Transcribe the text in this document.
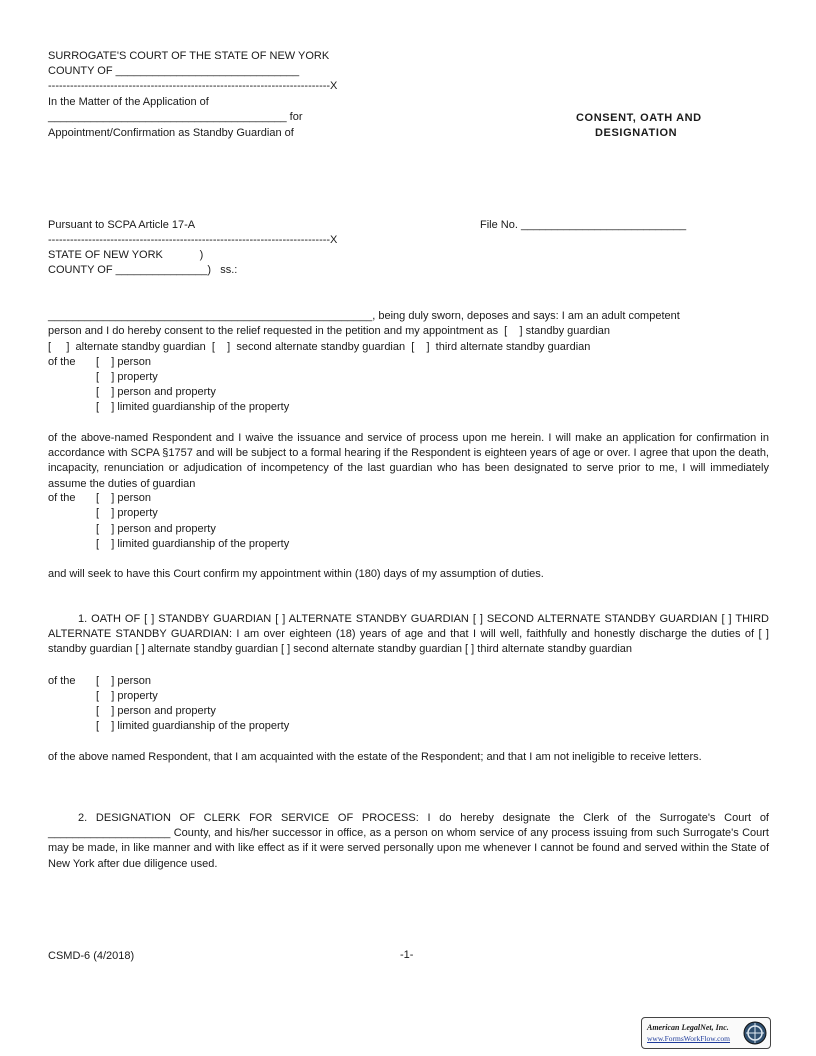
SURROGATE'S COURT OF THE STATE OF NEW YORK
COUNTY OF ______________________________
-----------------------------------------------------------------------------X
In the Matter of the Application of
_______________________________________ for
Appointment/Confirmation as Standby Guardian of
CONSENT, OATH AND
DESIGNATION
Pursuant to SCPA Article 17-A	File No. ___________________________
-----------------------------------------------------------------------------X
STATE OF NEW YORK            )
COUNTY OF _______________)   ss.:
_____________________________________________________, being duly sworn, deposes and says: I am an adult competent
person and I do hereby consent to the relief requested in the petition and my appointment as  [    ] standby guardian
[     ]  alternate standby guardian  [    ]  second alternate standby guardian  [    ]  third alternate standby guardian
of the [    ] person
[    ] property
[    ] person and property
[    ] limited guardianship of the property
of the above-named Respondent and I waive the issuance and service of process upon me herein. I will make an application for confirmation in accordance with SCPA §1757 and will be subject to a formal hearing if the Respondent is eighteen years of age or over. I agree that upon the death, incapacity, renunciation or adjudication of incompetency of the last guardian who has been designated to serve prior to me, I will immediately assume the duties of guardian
of the [    ] person
[    ] property
[    ] person and property
[    ] limited guardianship of the property
and will seek to have this Court confirm my appointment within (180) days of my assumption of duties.
1. OATH OF [ ] STANDBY GUARDIAN [ ] ALTERNATE STANDBY GUARDIAN [ ] SECOND ALTERNATE STANDBY GUARDIAN [ ] THIRD ALTERNATE STANDBY GUARDIAN: I am over eighteen (18) years of age and that I will well, faithfully and honestly discharge the duties of [ ] standby guardian [ ] alternate standby guardian [ ] second alternate standby guardian [ ] third alternate standby guardian
of the [    ] person
[    ] property
[    ] person and property
[    ] limited guardianship of the property
of the above named Respondent, that I am acquainted with the estate of the Respondent; and that I am not ineligible to receive letters.
2. DESIGNATION OF CLERK FOR SERVICE OF PROCESS: I do hereby designate the Clerk of the Surrogate's Court of ____________________ County, and his/her successor in office, as a person on whom service of any process issuing from such Surrogate's Court may be made, in like manner and with like effect as if it were served personally upon me whenever I cannot be found and served within the State of New York after due diligence used.
CSMD-6 (4/2018)	-1-
American LegalNet, Inc.
www.FormsWorkFlow.com
